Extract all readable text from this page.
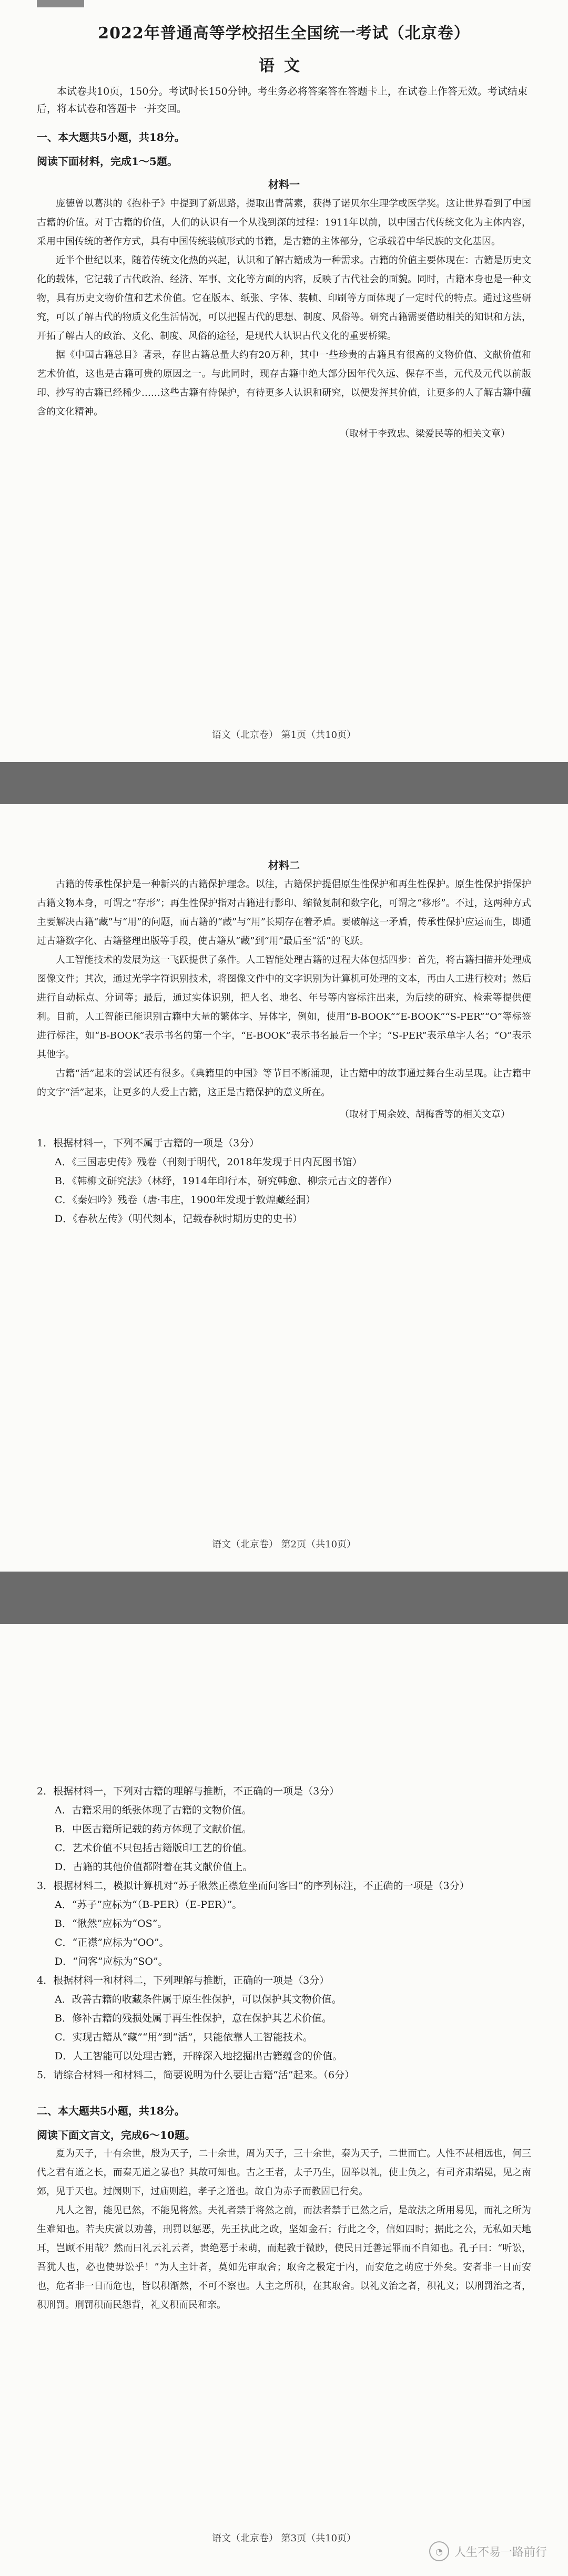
2022年普通高等学校招生全国统一考试（北京卷）
语文

本试卷共10页，150分。考试时长150分钟。考生务必将答案答在答题卡上，在试卷上作答无效。考试结束后，将本试卷和答题卡一并交回。

一、本大题共5小题，共18分。
阅读下面材料，完成1～5题。
材料一

庞德曾以葛洪的《抱朴子》中提到了新思路，提取出青蒿素，获得了诺贝尔生理学或医学奖。这让世界看到了中国古籍的价值。对于古籍的价值，人们的认识有一个从浅到深的过程：1911年以前，以中国古代传统文化为主体内容，采用中国传统的著作方式，具有中国传统装帧形式的书籍，是古籍的主体部分，它承载着中华民族的文化基因。

近半个世纪以来，随着传统文化热的兴起，认识和了解古籍成为一种需求。古籍的价值主要体现在：古籍是历史文化的载体，它记载了古代政治、经济、军事、文化等方面的内容，反映了古代社会的面貌。同时，古籍本身也是一种文物，具有历史文物价值和艺术价值。它在版本、纸张、字体、装帧、印刷等方面体现了一定时代的特点。通过这些研究，可以了解古代的物质文化生活情况，可以把握古代的思想、制度、风俗等。研究古籍需要借助相关的知识和方法，开拓了解古人的政治、文化、制度、风俗的途径，是现代人认识古代文化的重要桥梁。

据《中国古籍总目》著录，存世古籍总量大约有20万种，其中一些珍贵的古籍具有很高的文物价值、文献价值和艺术价值，这也是古籍可贵的原因之一。与此同时，现存古籍中绝大部分因年代久远、保存不当，元代及元代以前版印、抄写的古籍已经稀少……这些古籍有待保护，有待更多人认识和研究，以便发挥其价值，让更多的人了解古籍中蕴含的文化精神。

（取材于李致忠、梁爱民等的相关文章）
语文（北京卷） 第1页（共10页）
材料二

古籍的传承性保护是一种新兴的古籍保护理念。以往，古籍保护提倡原生性保护和再生性保护。原生性保护指保护古籍文物本身，可谓之“存形”；再生性保护指对古籍进行影印、缩微复制和数字化，可谓之“移形”。不过，这两种方式主要解决古籍“藏”与“用”的问题，而古籍的“藏”与“用”长期存在着矛盾。要破解这一矛盾，传承性保护应运而生，即通过古籍数字化、古籍整理出版等手段，使古籍从“藏”到“用”最后至“活”的飞跃。

人工智能技术的发展为这一飞跃提供了条件。人工智能处理古籍的过程大体包括四步：首先，将古籍扫描并处理成图像文件；其次，通过光学字符识别技术，将图像文件中的文字识别为计算机可处理的文本，再由人工进行校对；然后进行自动标点、分词等；最后，通过实体识别，把人名、地名、年号等内容标注出来，为后续的研究、检索等提供便利。目前，人工智能已能识别古籍中大量的繁体字、异体字，例如，使用“B-BOOK”“E-BOOK”“S-PER”“O”等标签进行标注，如“B-BOOK”表示书名的第一个字，“E-BOOK”表示书名最后一个字；“S-PER”表示单字人名；“O”表示其他字。

古籍“活”起来的尝试还有很多。《典籍里的中国》等节目不断涌现，让古籍中的故事通过舞台生动呈现。让古籍中的文字“活”起来，让更多的人爱上古籍，这正是古籍保护的意义所在。

（取材于周余姣、胡梅香等的相关文章）

1．根据材料一，下列不属于古籍的一项是（3分）

A．《三国志史传》残卷（刊刻于明代，2018年发现于日内瓦图书馆）

B．《韩柳文研究法》（林纾，1914年印行本，研究韩愈、柳宗元古文的著作）

C．《秦妇吟》残卷（唐·韦庄，1900年发现于敦煌藏经洞）

D．《春秋左传》（明代刻本，记载春秋时期历史的史书）

语文（北京卷） 第2页（共10页）

2．根据材料一，下列对古籍的理解与推断，不正确的一项是（3分）

A．古籍采用的纸张体现了古籍的文物价值。

B．中医古籍所记载的药方体现了文献价值。

C．艺术价值不只包括古籍版印工艺的价值。

D．古籍的其他价值都附着在其文献价值上。

3．根据材料二，模拟计算机对“苏子愀然正襟危坐而问客曰”的序列标注，不正确的一项是（3分）

A．“苏子”应标为“（B-PER）（E-PER）”。

B．“愀然”应标为“OS”。

C．“正襟”应标为“OO”。

D．“问客”应标为“SO”。

4．根据材料一和材料二，下列理解与推断，正确的一项是（3分）

A．改善古籍的收藏条件属于原生性保护，可以保护其文物价值。

B．修补古籍的残损处属于再生性保护，意在保护其艺术价值。

C．实现古籍从“藏”“用”到“活”，只能依靠人工智能技术。

D．人工智能可以处理古籍，开辟深入地挖掘出古籍蕴含的价值。

5．请综合材料一和材料二，简要说明为什么要让古籍“活”起来。（6分）

二、本大题共5小题，共18分。
阅读下面文言文，完成6～10题。

夏为天子，十有余世，殷为天子，二十余世，周为天子，三十余世，秦为天子，二世而亡。人性不甚相远也，何三代之君有道之长，而秦无道之暴也？其故可知也。古之王者，太子乃生，固举以礼，使士负之，有司齐肃端冕，见之南郊，见于天也。过阙则下，过庙则趋，孝子之道也。故自为赤子而教固已行矣。

凡人之智，能见已然，不能见将然。夫礼者禁于将然之前，而法者禁于已然之后，是故法之所用易见，而礼之所为生难知也。若夫庆赏以劝善，刑罚以惩恶，先王执此之政，坚如金石；行此之令，信如四时；据此之公，无私如天地耳，岂顾不用哉？然而曰礼云礼云者，贵绝恶于未萌，而起教于微眇，使民日迁善远罪而不自知也。孔子曰：“听讼，吾犹人也，必也使毋讼乎！”为人主计者，莫如先审取舍；取舍之极定于内，而安危之萌应于外矣。安者非一日而安也，危者非一日而危也，皆以积渐然，不可不察也。人主之所积，在其取舍。以礼义治之者，积礼义；以刑罚治之者，积刑罚。刑罚积而民怨背，礼义积而民和亲。

语文（北京卷） 第3页（共10页）
◔	人生不易一路前行
